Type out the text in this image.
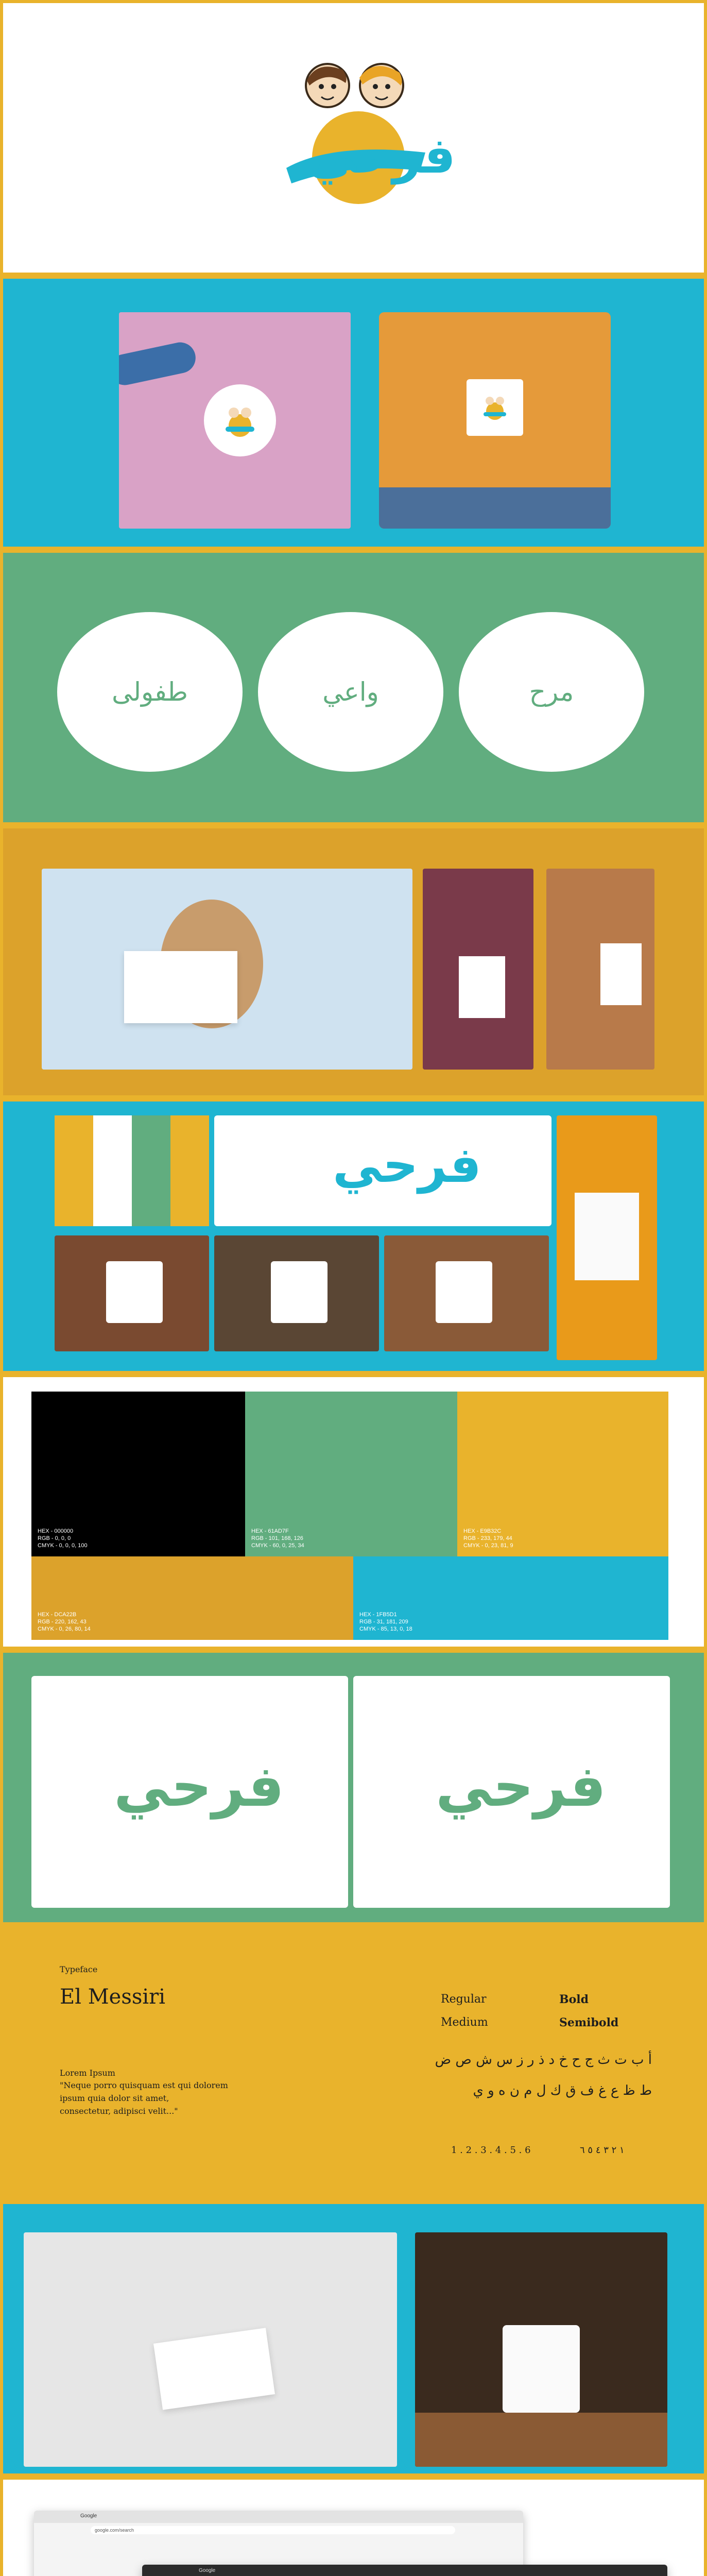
فرحي
مرح
واعي
طفولى
فرحي
HEX - 000000
RGB - 0, 0, 0
CMYK - 0, 0, 0, 100
HEX - 61AD7F
RGB - 101, 168, 126
CMYK - 60, 0, 25, 34
HEX - E9B32C
RGB - 233, 179, 44
CMYK - 0, 23, 81, 9
HEX - DCA22B
RGB - 220, 162, 43
CMYK - 0, 26, 80, 14
HEX - 1FB5D1
RGB - 31, 181, 209
CMYK - 85, 13, 0, 18
فرحي	فرحي
Typeface
El Messiri
Lorem Ipsum
"Neque porro quisquam est qui dolorem
ipsum quia dolor sit amet,
consectetur, adipisci velit..."
Regular	Bold
Medium	Semibold
أ ب ت ث ج ح خ د ذ ر ز س ش ص ض
ط ظ ع غ ف ق ك ل م ن ه و ي
1 . 2 . 3 . 4 . 5 . 6	١ ٢ ٣ ٤ ٥ ٦
Google
google.com/search
Google
